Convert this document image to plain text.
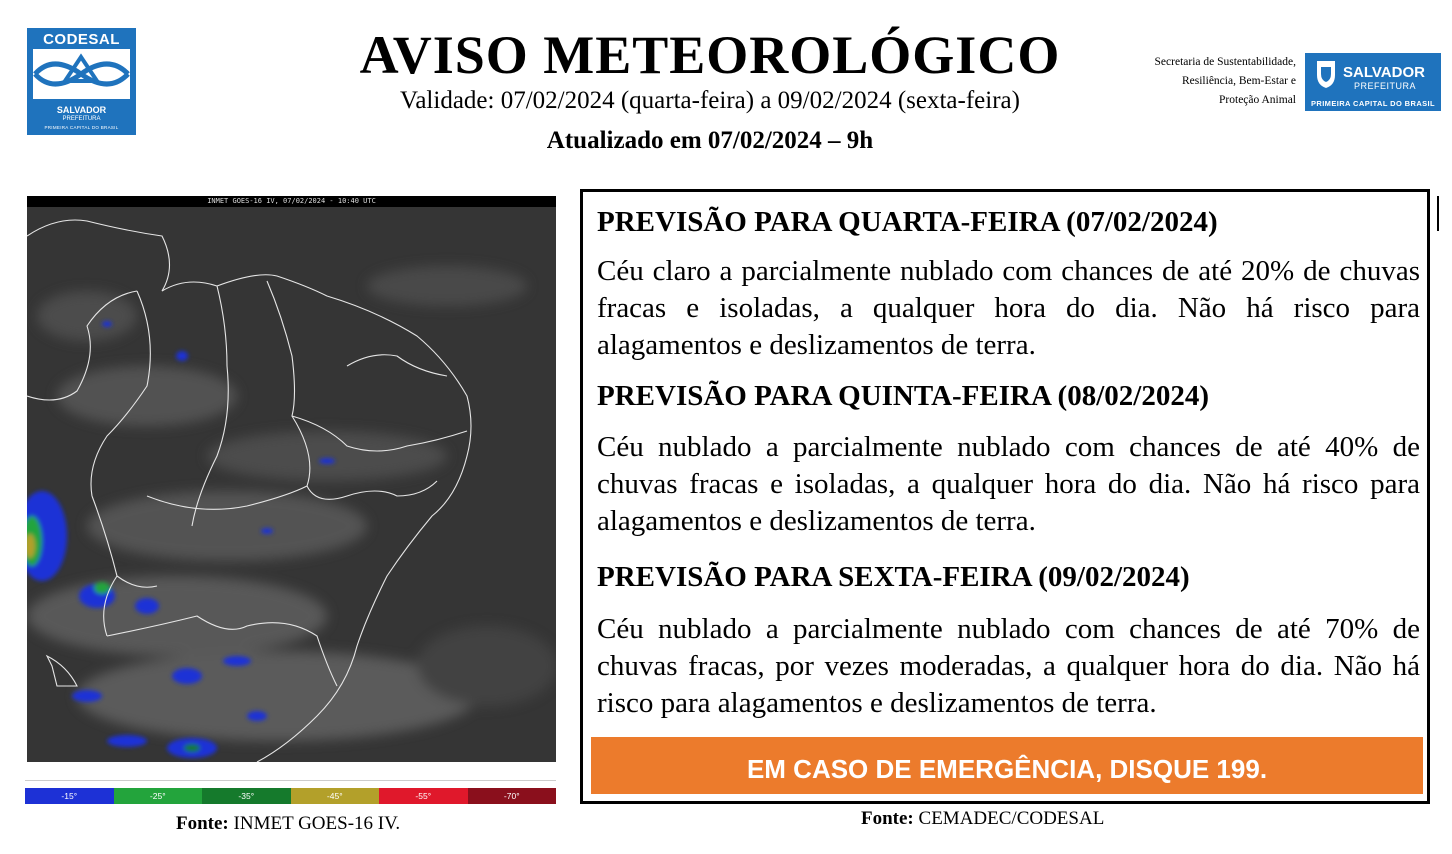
CODESAL
SALVADOR
PREFEITURA
PRIMEIRA CAPITAL DO BRASIL
AVISO METEOROLÓGICO
Validade: 07/02/2024 (quarta-feira) a 09/02/2024 (sexta-feira)
Atualizado em 07/02/2024 – 9h
Secretaria de Sustentabilidade,
Resiliência, Bem-Estar e
Proteção Animal
SALVADOR
PREFEITURA
PRIMEIRA CAPITAL DO BRASIL
INMET GOES-16 IV, 07/02/2024 - 10:40 UTC
-15°	-25°	-35°	-45°	-55°	-70°
Fonte: INMET GOES-16 IV.
PREVISÃO PARA QUARTA-FEIRA (07/02/2024)
Céu claro a parcialmente nublado com chances de até 20% de chuvas fracas e isoladas, a qualquer hora do dia. Não há risco para alagamentos e deslizamentos de terra.
PREVISÃO PARA QUINTA-FEIRA (08/02/2024)
Céu nublado a parcialmente nublado com chances de até 40% de chuvas fracas e isoladas, a qualquer hora do dia. Não há risco para alagamentos e deslizamentos de terra.
PREVISÃO PARA SEXTA-FEIRA (09/02/2024)
Céu nublado a parcialmente nublado com chances de até 70% de chuvas fracas, por vezes moderadas, a qualquer hora do dia. Não há risco para alagamentos e deslizamentos de terra.
EM CASO DE EMERGÊNCIA, DISQUE 199.
Fonte: CEMADEC/CODESAL
